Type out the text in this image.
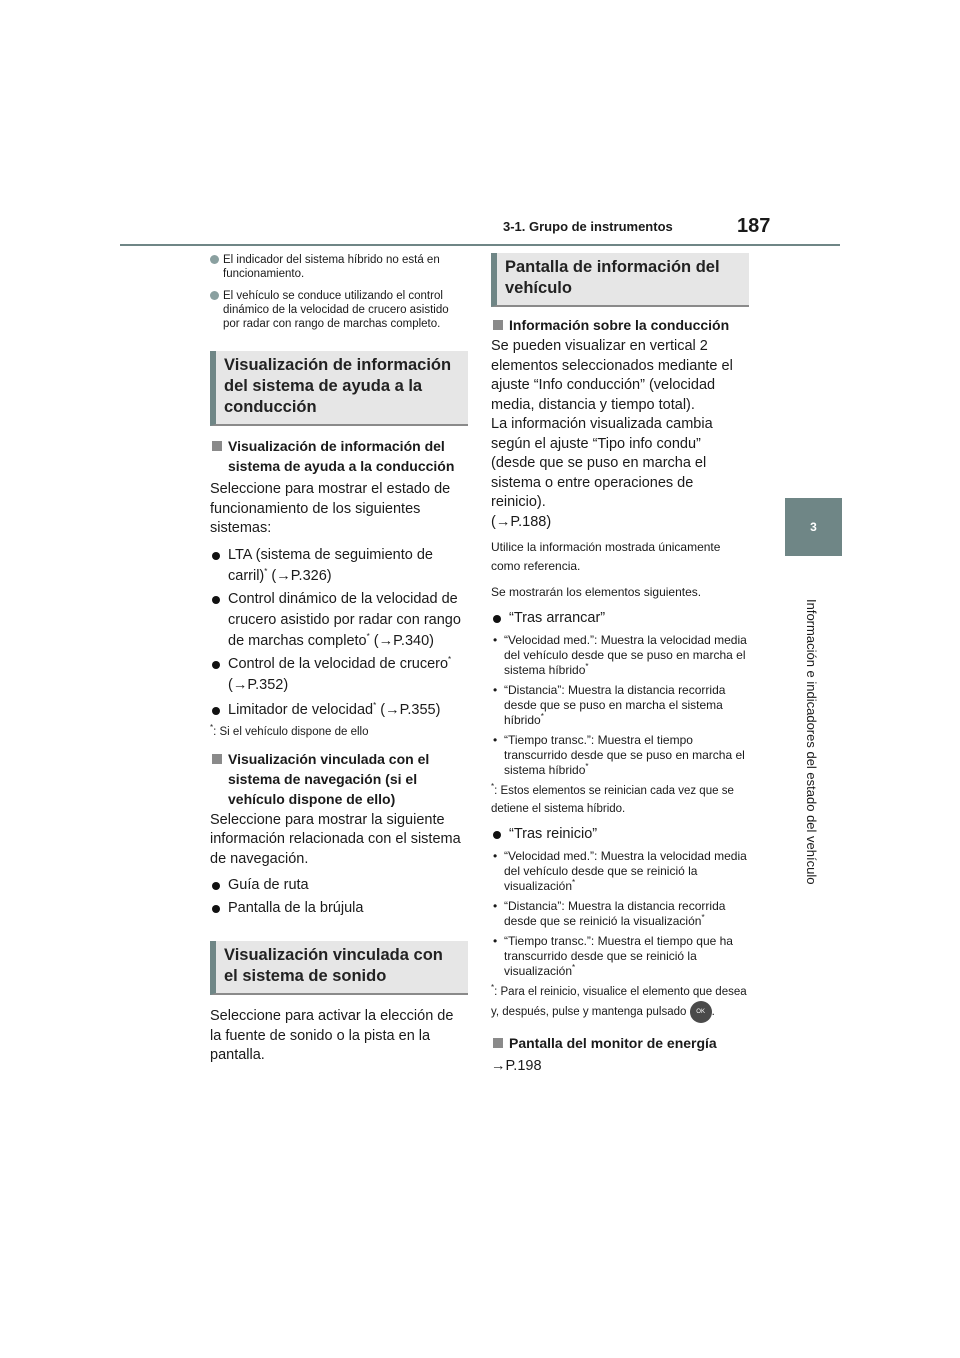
3-1. Grupo de instrumentos	187
3
Información e indicadores del estado del vehículo
El indicador del sistema híbrido no está en funcionamiento.
El vehículo se conduce utilizando el control dinámico de la velocidad de crucero asistido por radar con rango de marchas completo.
Visualización de información del sistema de ayuda a la conducción
Visualización de información del sistema de ayuda a la conducción
Seleccione para mostrar el estado de funcionamiento de los siguientes sistemas:
LTA (sistema de seguimiento de carril)* (→P.326)
Control dinámico de la velocidad de crucero asistido por radar con rango de marchas completo* (→P.340)
Control de la velocidad de crucero* (→P.352)
Limitador de velocidad* (→P.355)
*: Si el vehículo dispone de ello
Visualización vinculada con el sistema de navegación (si el vehículo dispone de ello)
Seleccione para mostrar la siguiente información relacionada con el sistema de navegación.
Guía de ruta
Pantalla de la brújula
Visualización vinculada con el sistema de sonido
Seleccione para activar la elección de la fuente de sonido o la pista en la pantalla.
Pantalla de información del vehículo
Información sobre la conducción
Se pueden visualizar en vertical 2 elementos seleccionados mediante el ajuste “Info conducción” (velocidad media, distancia y tiempo total).
La información visualizada cambia según el ajuste “Tipo info condu” (desde que se puso en marcha el sistema o entre operaciones de reinicio).
(→P.188)
Utilice la información mostrada únicamente como referencia.
Se mostrarán los elementos siguientes.
“Tras arrancar”
• “Velocidad med.”: Muestra la velocidad media del vehículo desde que se puso en marcha el sistema híbrido*
• “Distancia”: Muestra la distancia recorrida desde que se puso en marcha el sistema híbrido*
• “Tiempo transc.”: Muestra el tiempo transcurrido desde que se puso en marcha el sistema híbrido*
*: Estos elementos se reinician cada vez que se detiene el sistema híbrido.
“Tras reinicio”
• “Velocidad med.”: Muestra la velocidad media del vehículo desde que se reinició la visualización*
• “Distancia”: Muestra la distancia recorrida desde que se reinició la visualización*
• “Tiempo transc.”: Muestra el tiempo que ha transcurrido desde que se reinició la visualización*
*: Para el reinicio, visualice el elemento que desea y, después, pulse y mantenga pulsado OK .
Pantalla del monitor de energía
→P.198
